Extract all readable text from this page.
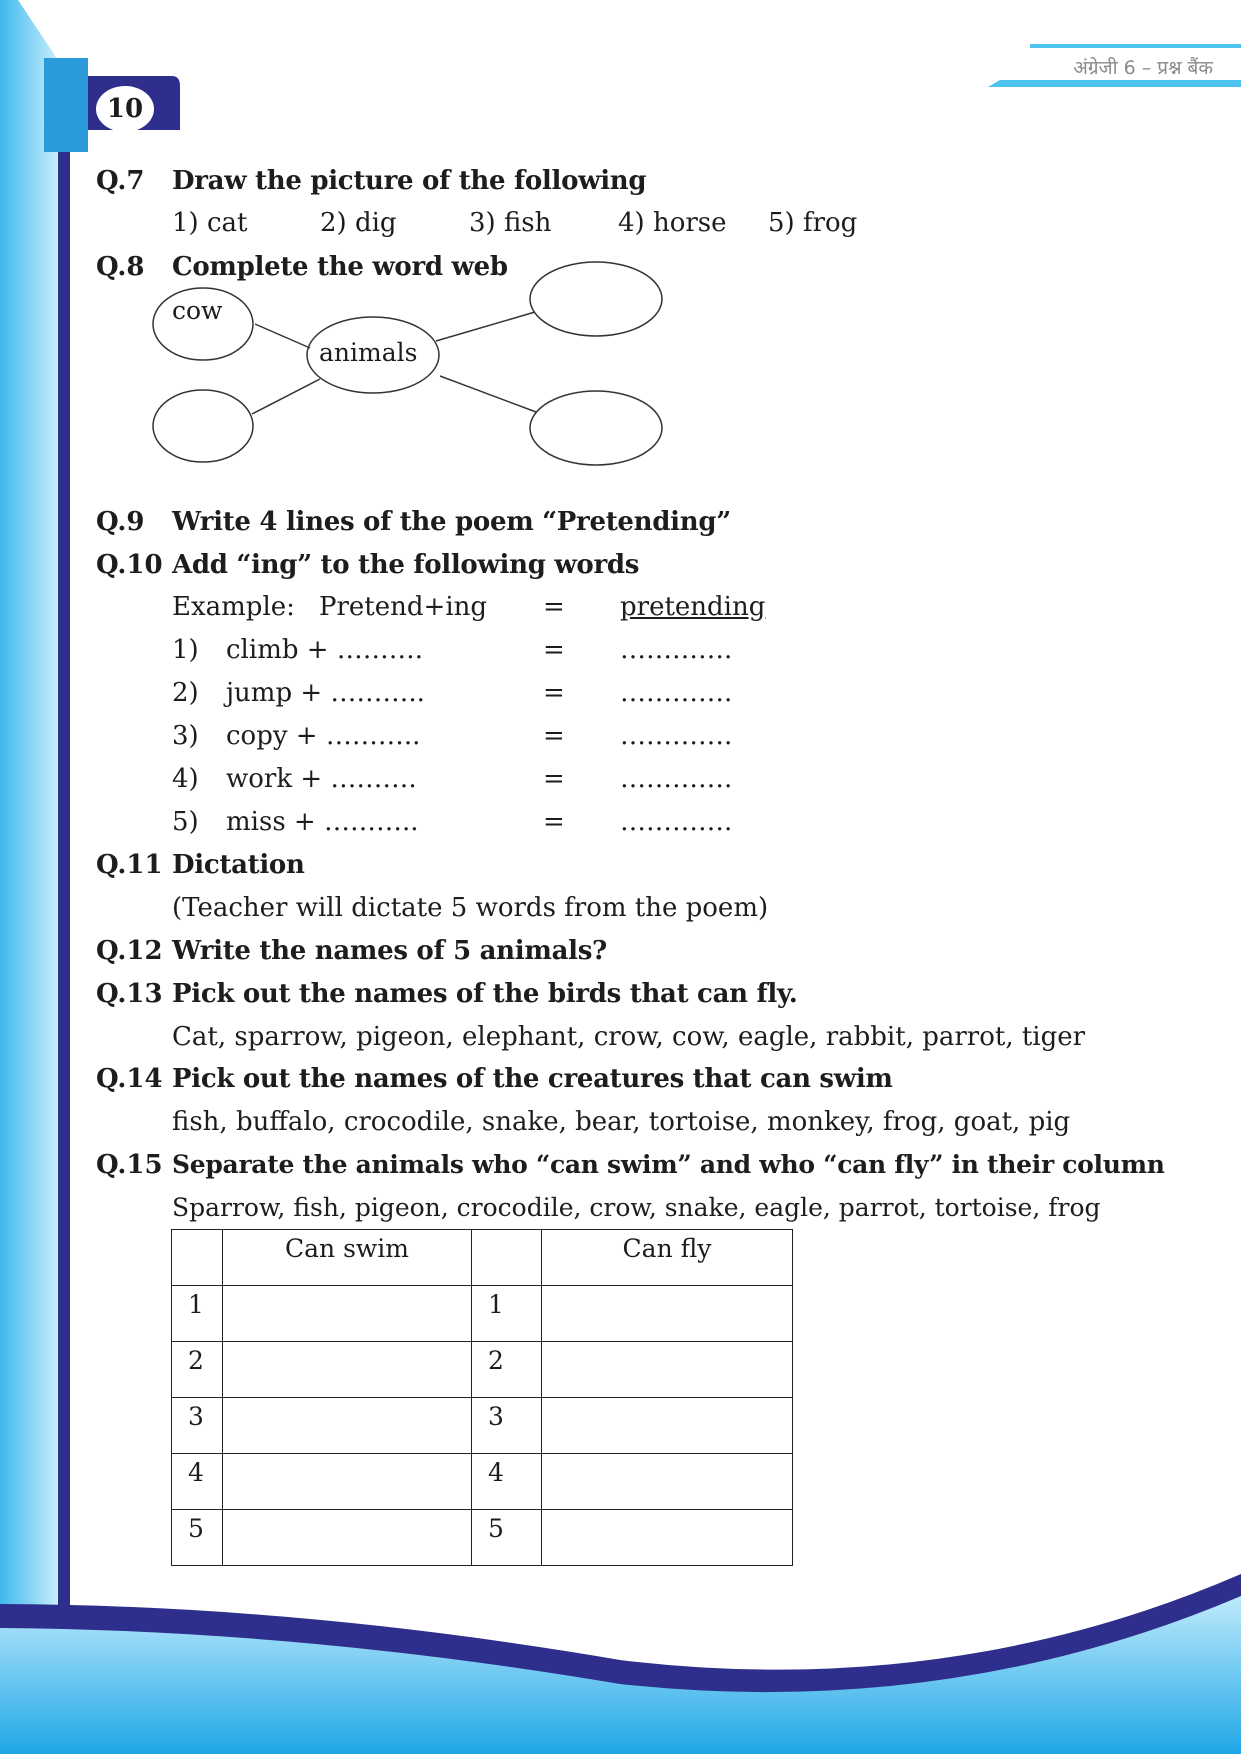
अंग्रेजी 6 – प्रश्न बैंक
10
Q.7 Draw the picture of the following
1) cat	2) dig	3) fish	4) horse 5) frog
Q.8 Complete the word web
cow
animals
Q.9 Write 4 lines of the poem “Pretending”
Q.10 Add “ing” to the following words
Example: Pretend+ing = pretending
1) climb + ……….	= ………….
2) jump + ………..	= ………….
3) copy + ………..	= ………….
4) work + ……….	= ………….
5) miss + ………..	= ………….
Q.11 Dictation
(Teacher will dictate 5 words from the poem)
Q.12 Write the names of 5 animals?
Q.13 Pick out the names of the birds that can fly.
Cat, sparrow, pigeon, elephant, crow, cow, eagle, rabbit, parrot, tiger
Q.14 Pick out the names of the creatures that can swim
fish, buffalo, crocodile, snake, bear, tortoise, monkey, frog, goat, pig
Q.15 Separate the animals who “can swim” and who “can fly” in their column
Sparrow, fish, pigeon, crocodile, crow, snake, eagle, parrot, tortoise, frog
	Can swim		Can fly
1		1	
2		2	
3		3	
4		4	
5		5	
